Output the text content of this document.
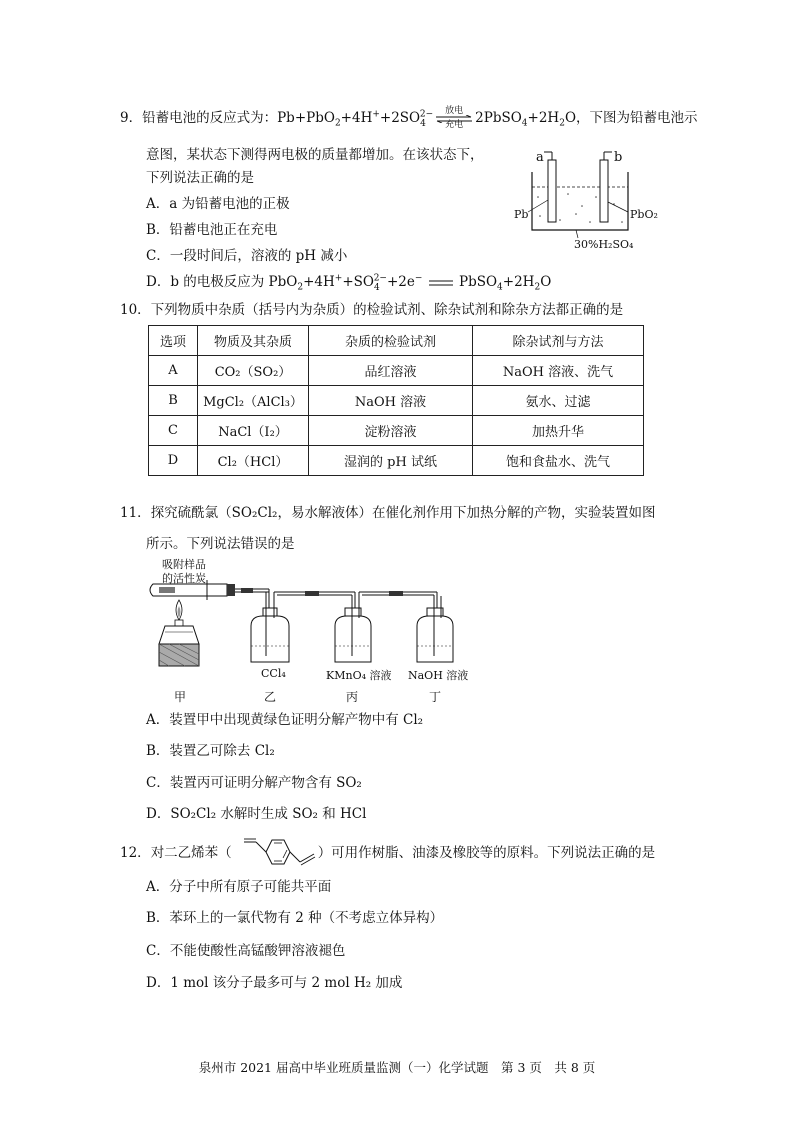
9．铅蓄电池的反应式为：$Pb+PbO_2+4H^++2SO_4^{2-}$	放电
充电 $2PbSO_4+2H_2O$，下图为铅蓄电池示
意图，某状态下测得两电极的质量都增加。在该状态下，
下列说法正确的是
A．a 为铅蓄电池的正极
B．铅蓄电池正在充电
C．一段时间后，溶液的 pH 减小
D．b 的电极反应为 $PbO_2+4H^++SO_4^{2-}+2e^-$	$PbSO_4+2H_2O$
a	b
Pb	PbO₂
30%H₂SO₄
10．下列物质中杂质（括号内为杂质）的检验试剂、除杂试剂和除杂方法都正确的是
选项	物质及其杂质	杂质的检验试剂	除杂试剂与方法
A	CO₂（SO₂）	品红溶液	NaOH 溶液、洗气
B	MgCl₂（AlCl₃）	NaOH 溶液	氨水、过滤
C	NaCl（I₂）	淀粉溶液	加热升华
D	Cl₂（HCl）	湿润的 pH 试纸	饱和食盐水、洗气
11．探究硫酰氯（SO₂Cl₂，易水解液体）在催化剂作用下加热分解的产物，实验装置如图
所示。下列说法错误的是
吸附样品
的活性炭
CCl₄	KMnO₄ 溶液 NaOH 溶液
甲	乙	丙	丁
A．装置甲中出现黄绿色证明分解产物中有 Cl₂
B．装置乙可除去 Cl₂
C．装置丙可证明分解产物含有 SO₂
D．SO₂Cl₂ 水解时生成 SO₂ 和 HCl
12．对二乙烯苯（	）可用作树脂、油漆及橡胶等的原料。下列说法正确的是
A．分子中所有原子可能共平面
B．苯环上的一氯代物有 2 种（不考虑立体异构）
C．不能使酸性高锰酸钾溶液褪色
D．1 mol 该分子最多可与 2 mol H₂ 加成
泉州市 2021 届高中毕业班质量监测（一）化学试题　第 3 页　共 8 页
